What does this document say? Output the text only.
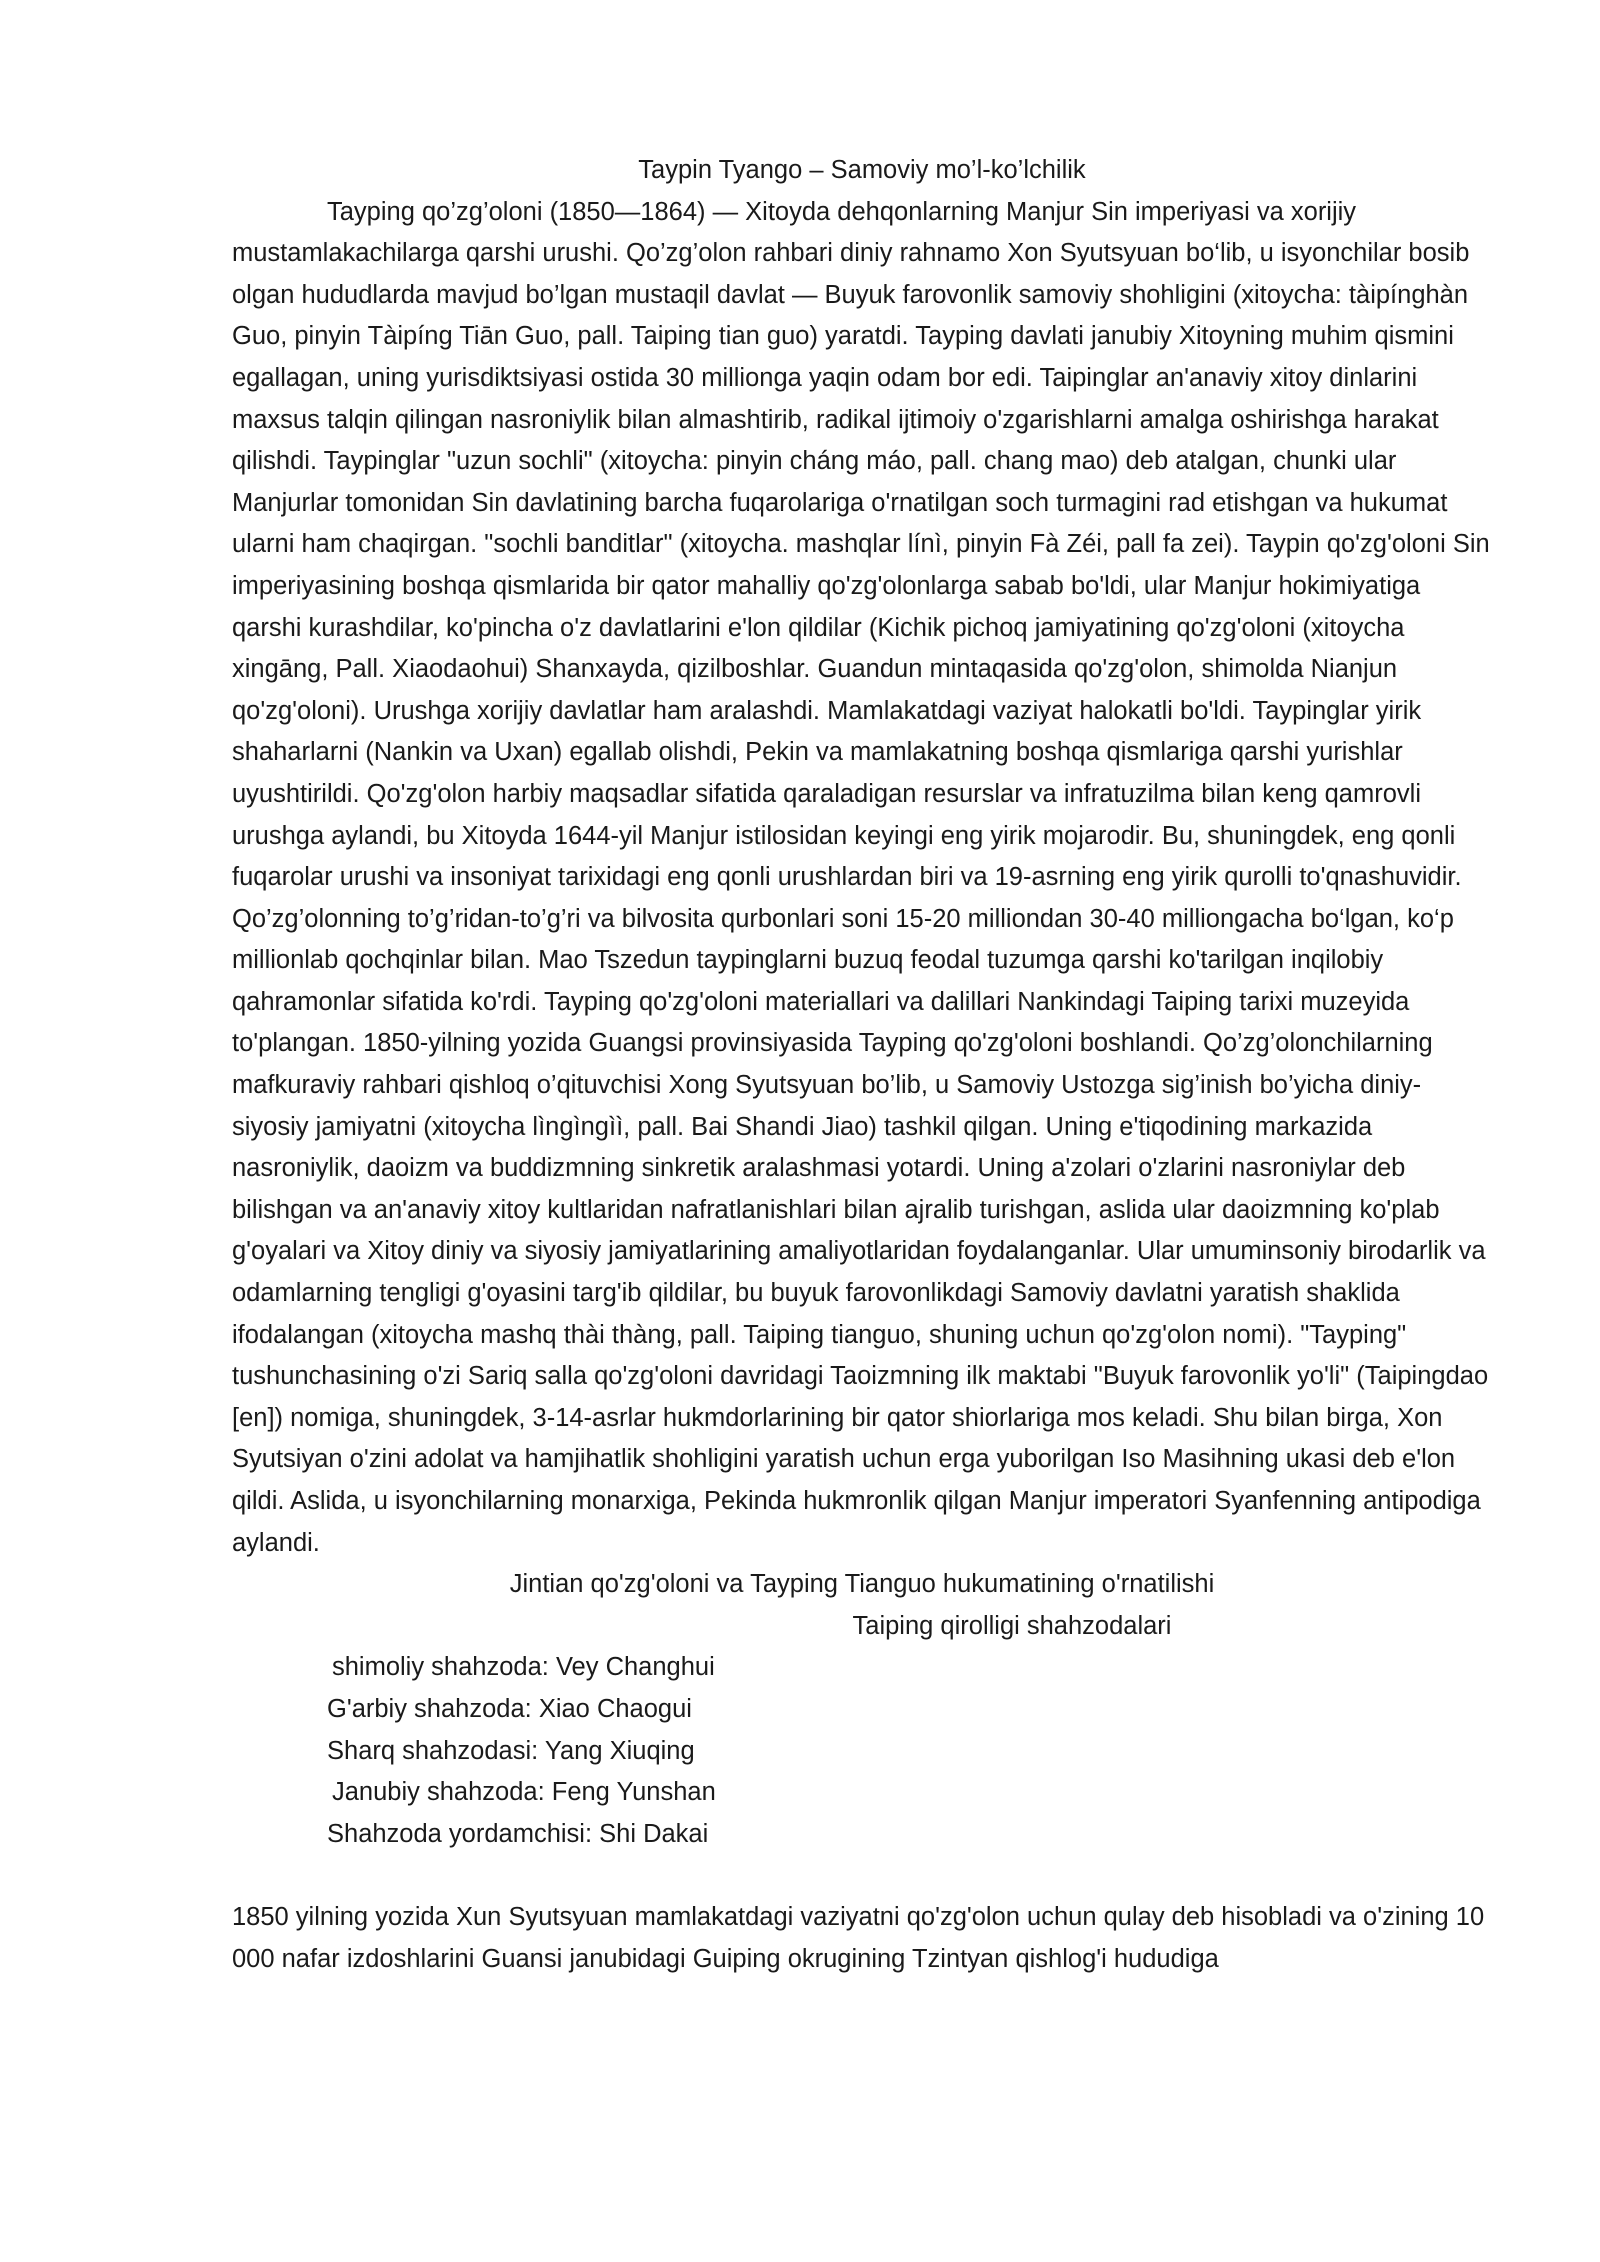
Taypin Tyango – Samoviy mo’l-ko’lchilik

Tayping qo’zg’oloni (1850—1864) — Xitoyda dehqonlarning Manjur Sin imperiyasi va xorijiy mustamlakachilarga qarshi urushi. Qo’zg’olon rahbari diniy rahnamo Xon Syutsyuan bo‘lib, u isyonchilar bosib olgan hududlarda mavjud bo’lgan mustaqil davlat — Buyuk farovonlik samoviy shohligini (xitoycha: tàipínghàn Guo, pinyin Tàipíng Tiān Guo, pall. Taiping tian guo) yaratdi. Tayping davlati janubiy Xitoyning muhim qismini egallagan, uning yurisdiktsiyasi ostida 30 millionga yaqin odam bor edi. Taipinglar an'anaviy xitoy dinlarini maxsus talqin qilingan nasroniylik bilan almashtirib, radikal ijtimoiy o'zgarishlarni amalga oshirishga harakat qilishdi. Taypinglar "uzun sochli" (xitoycha: pinyin cháng máo, pall. chang mao) deb atalgan, chunki ular Manjurlar tomonidan Sin davlatining barcha fuqarolariga o'rnatilgan soch turmagini rad etishgan va hukumat ularni ham chaqirgan. "sochli banditlar" (xitoycha. mashqlar línì, pinyin Fà Zéi, pall fa zei). Taypin qo'zg'oloni Sin imperiyasining boshqa qismlarida bir qator mahalliy qo'zg'olonlarga sabab bo'ldi, ular Manjur hokimiyatiga qarshi kurashdilar, ko'pincha o'z davlatlarini e'lon qildilar (Kichik pichoq jamiyatining qo'zg'oloni (xitoycha xingāng, Pall. Xiaodaohui) Shanxayda, qizilboshlar. Guandun mintaqasida qo'zg'olon, shimolda Nianjun qo'zg'oloni). Urushga xorijiy davlatlar ham aralashdi. Mamlakatdagi vaziyat halokatli bo'ldi. Taypinglar yirik shaharlarni (Nankin va Uxan) egallab olishdi, Pekin va mamlakatning boshqa qismlariga qarshi yurishlar uyushtirildi. Qo'zg'olon harbiy maqsadlar sifatida qaraladigan resurslar va infratuzilma bilan keng qamrovli urushga aylandi, bu Xitoyda 1644-yil Manjur istilosidan keyingi eng yirik mojarodir. Bu, shuningdek, eng qonli fuqarolar urushi va insoniyat tarixidagi eng qonli urushlardan biri va 19-asrning eng yirik qurolli to'qnashuvidir. Qo’zg’olonning to’g’ridan-to’g’ri va bilvosita qurbonlari soni 15-20 milliondan 30-40 milliongacha bo‘lgan, ko‘p millionlab qochqinlar bilan. Mao Tszedun taypinglarni buzuq feodal tuzumga qarshi ko'tarilgan inqilobiy qahramonlar sifatida ko'rdi. Tayping qo'zg'oloni materiallari va dalillari Nankindagi Taiping tarixi muzeyida to'plangan. 1850-yilning yozida Guangsi provinsiyasida Tayping qo'zg'oloni boshlandi. Qo’zg’olonchilarning mafkuraviy rahbari qishloq o’qituvchisi Xong Syutsyuan bo’lib, u Samoviy Ustozga sig’inish bo’yicha diniy-siyosiy jamiyatni (xitoycha lìngìngìì, pall. Bai Shandi Jiao) tashkil qilgan. Uning e'tiqodining markazida nasroniylik, daoizm va buddizmning sinkretik aralashmasi yotardi. Uning a'zolari o'zlarini nasroniylar deb bilishgan va an'anaviy xitoy kultlaridan nafratlanishlari bilan ajralib turishgan, aslida ular daoizmning ko'plab g'oyalari va Xitoy diniy va siyosiy jamiyatlarining amaliyotlaridan foydalanganlar. Ular umuminsoniy birodarlik va odamlarning tengligi g'oyasini targ'ib qildilar, bu buyuk farovonlikdagi Samoviy davlatni yaratish shaklida ifodalangan (xitoycha mashq thài thàng, pall. Taiping tianguo, shuning uchun qo'zg'olon nomi). "Tayping" tushunchasining o'zi Sariq salla qo'zg'oloni davridagi Taoizmning ilk maktabi "Buyuk farovonlik yo'li" (Taipingdao [en]) nomiga, shuningdek, 3-14-asrlar hukmdorlarining bir qator shiorlariga mos keladi. Shu bilan birga, Xon Syutsiyan o'zini adolat va hamjihatlik shohligini yaratish uchun erga yuborilgan Iso Masihning ukasi deb e'lon qildi. Aslida, u isyonchilarning monarxiga, Pekinda hukmronlik qilgan Manjur imperatori Syanfenning antipodiga aylandi.

Jintian qo'zg'oloni va Tayping Tianguo hukumatining o'rnatilishi

Taiping qirolligi shahzodalari

shimoliy shahzoda: Vey Changhui
G'arbiy shahzoda: Xiao Chaogui
Sharq shahzodasi: Yang Xiuqing
Janubiy shahzoda: Feng Yunshan
Shahzoda yordamchisi: Shi Dakai

1850 yilning yozida Xun Syutsyuan mamlakatdagi vaziyatni qo'zg'olon uchun qulay deb hisobladi va o'zining 10 000 nafar izdoshlarini Guansi janubidagi Guiping okrugining Tzintyan qishlog'i hududiga
